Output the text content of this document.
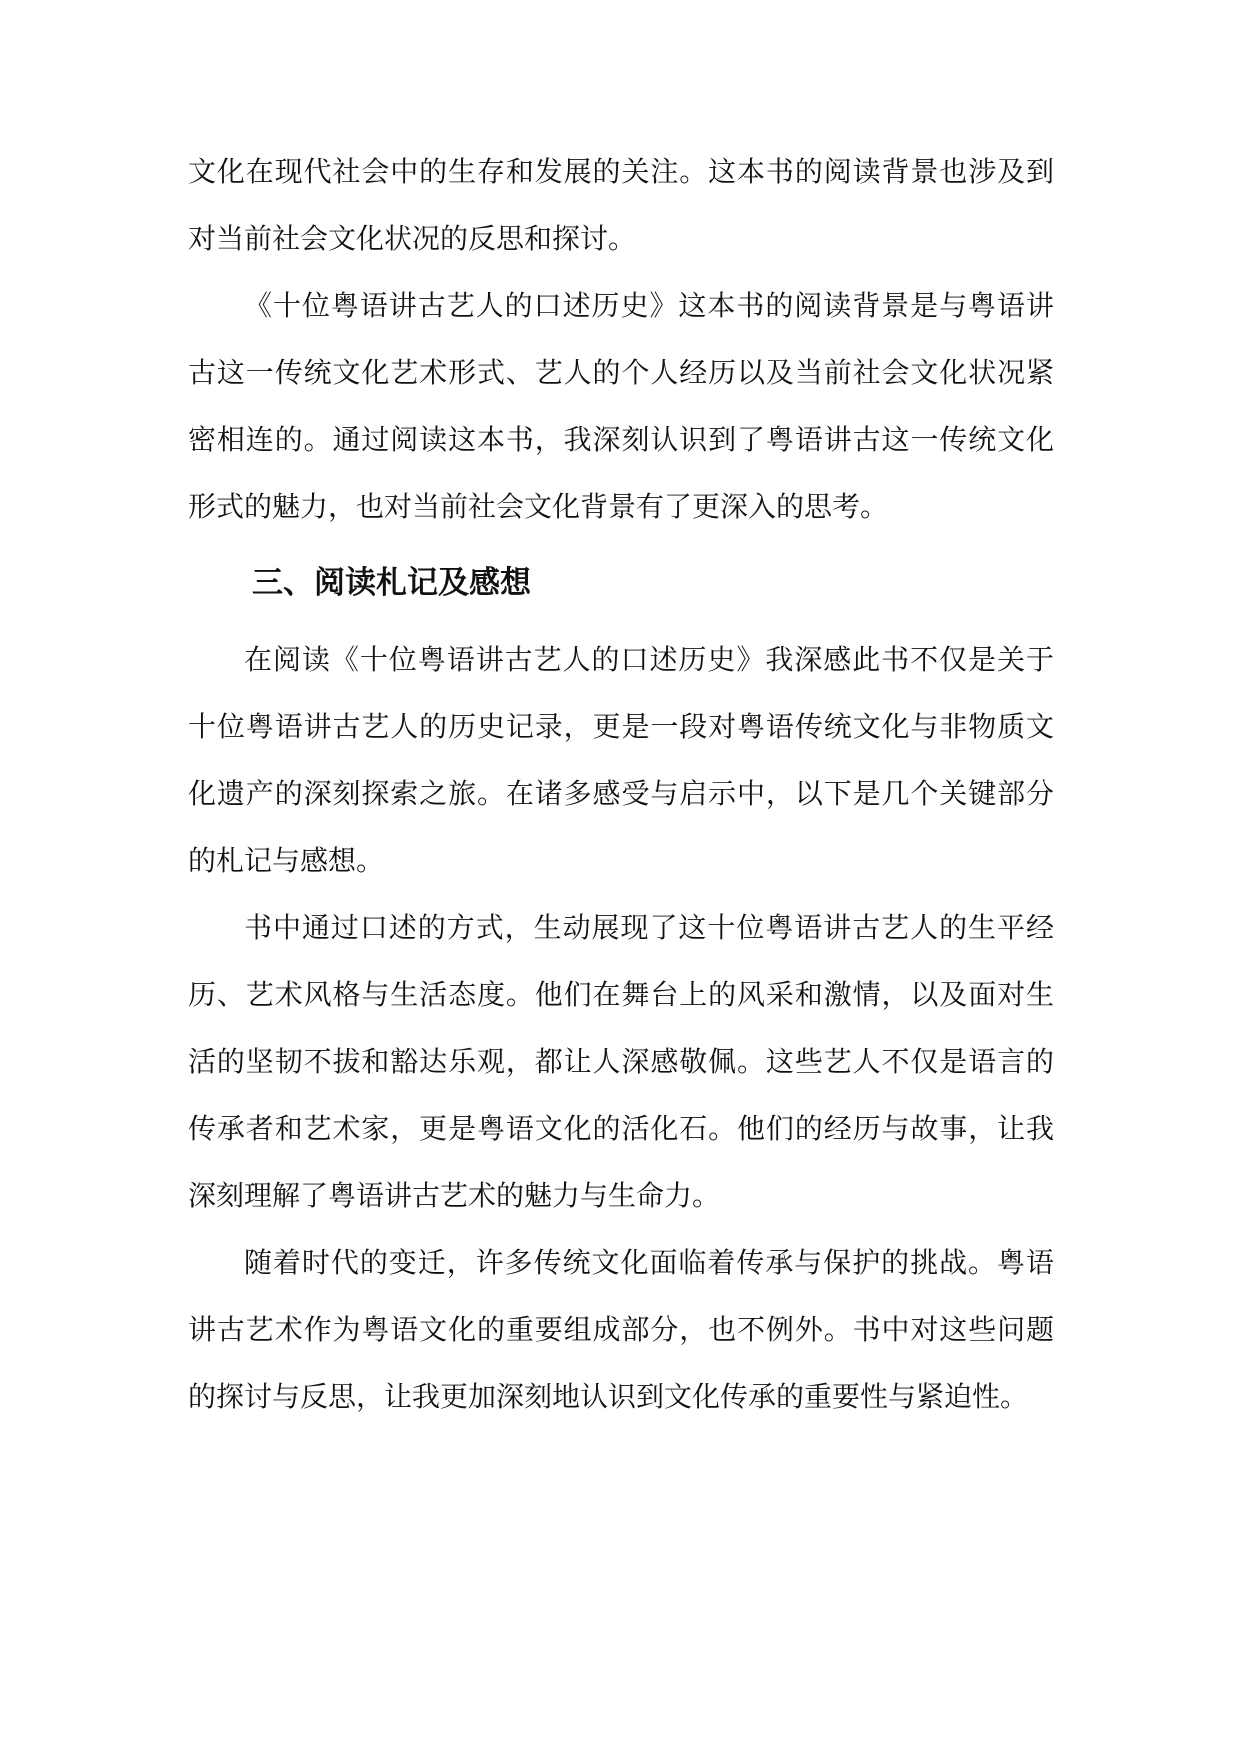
文化在现代社会中的生存和发展的关注。这本书的阅读背景也涉及到对当前社会文化状况的反思和探讨。

《十位粤语讲古艺人的口述历史》这本书的阅读背景是与粤语讲古这一传统文化艺术形式、艺人的个人经历以及当前社会文化状况紧密相连的。通过阅读这本书，我深刻认识到了粤语讲古这一传统文化形式的魅力，也对当前社会文化背景有了更深入的思考。

三、阅读札记及感想

在阅读《十位粤语讲古艺人的口述历史》我深感此书不仅是关于十位粤语讲古艺人的历史记录，更是一段对粤语传统文化与非物质文化遗产的深刻探索之旅。在诸多感受与启示中，以下是几个关键部分的札记与感想。

书中通过口述的方式，生动展现了这十位粤语讲古艺人的生平经历、艺术风格与生活态度。他们在舞台上的风采和激情，以及面对生活的坚韧不拔和豁达乐观，都让人深感敬佩。这些艺人不仅是语言的传承者和艺术家，更是粤语文化的活化石。他们的经历与故事，让我深刻理解了粤语讲古艺术的魅力与生命力。

随着时代的变迁，许多传统文化面临着传承与保护的挑战。粤语讲古艺术作为粤语文化的重要组成部分，也不例外。书中对这些问题的探讨与反思，让我更加深刻地认识到文化传承的重要性与紧迫性。
